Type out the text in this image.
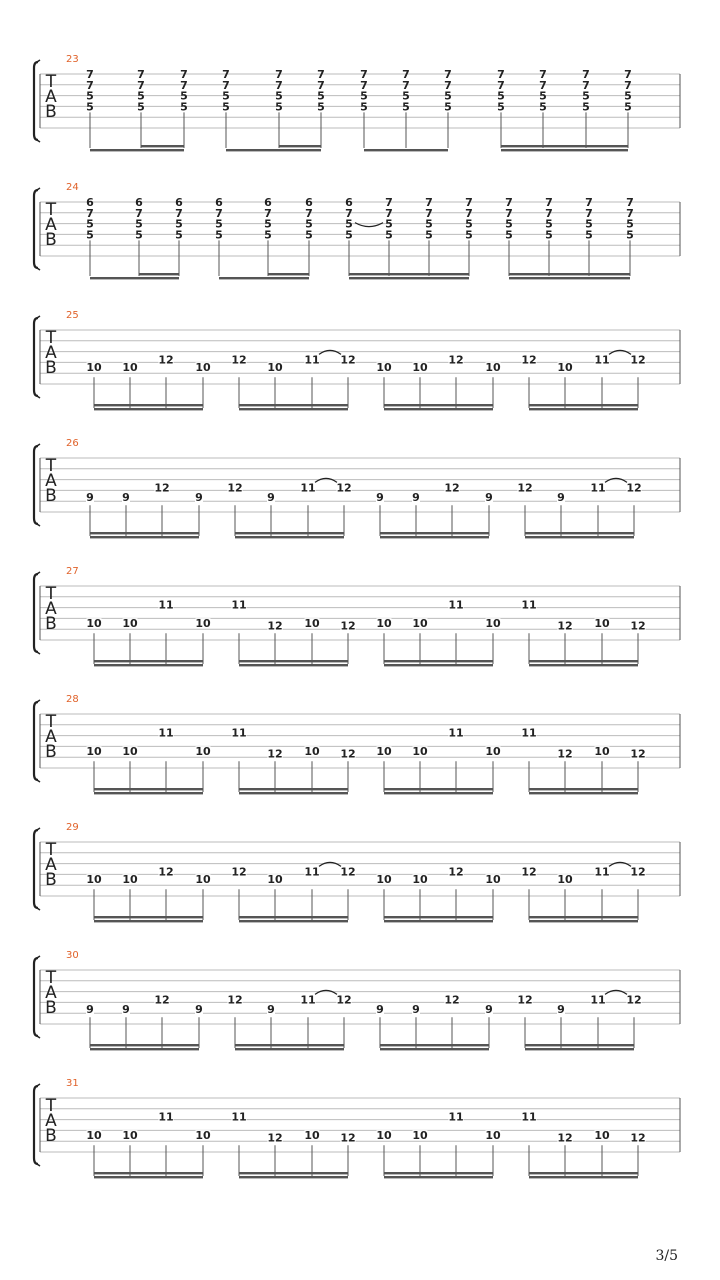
23
T
A
B
7
7
5
5
7
7
5
5
7
7
5
5
7
7
5
5
7
7
5
5
7
7
5
5
7
7
5
5
7
7
5
5
7
7
5
5
7
7
5
5
7
7
5
5
7
7
5
5
7
7
5
5
24
T
A
B
6
7
5
5
6
7
5
5
6
7
5
5
6
7
5
5
6
7
5
5
6
7
5
5
6
7
5
5
7
7
5
5
7
7
5
5
7
7
5
5
7
7
5
5
7
7
5
5
7
7
5
5
7
7
5
5
25
T
A
B	10 10
12
10
12
10
11 12
10 10
12
10
12
10
11 12
26
T
A
B	9	9
12
9
12
9
11 12
9	9
12
9
12
9
11 12
27
T
A
B	10 10
11
10
11
12 10 12 10 10
11
10
11
12 10 12
28
T
A
B	10 10
11
10
11
12 10 12 10 10
11
10
11
12 10 12
29
T
A
B	10 10
12
10
12
10
11 12
10 10
12
10
12
10
11 12
30
T
A
B	9	9
12
9
12
9
11 12
9	9
12
9
12
9
11 12
31
T
A
B	10 10
11
10
11
12 10 12 10 10
11
10
11
12 10 12
3/5
